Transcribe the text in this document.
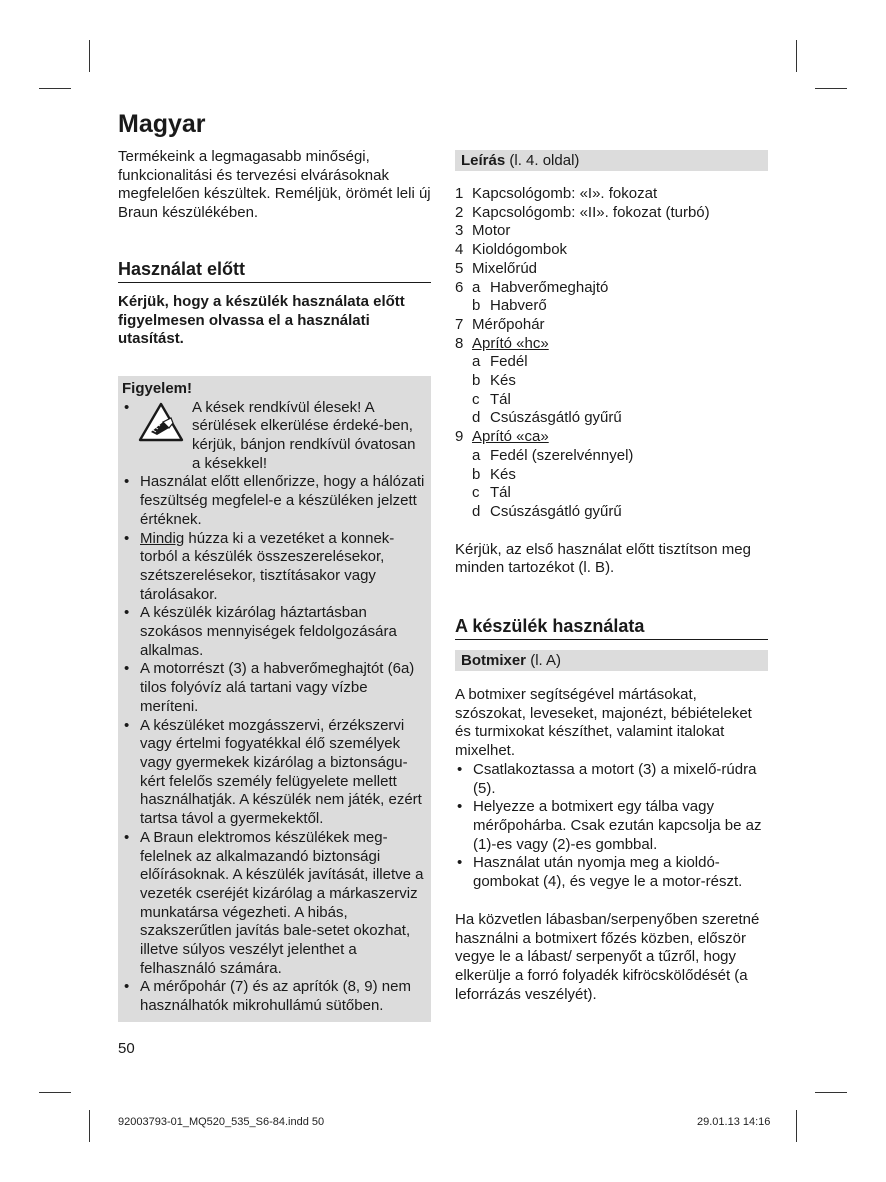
Magyar

Termékeink a legmagasabb minőségi, funkcionalitási és tervezési elvárásoknak megfelelően készültek. Reméljük, örömét leli új Braun készülékében.

Használat előtt

Kérjük, hogy a készülék használata előtt figyelmesen olvassa el a használati utasítást.

Figyelem!
•	A kések rendkívül élesek! A sérülések elkerülése érdeké-ben, kérjük, bánjon rendkívül óvatosan a késekkel!
• Használat előtt ellenőrizze, hogy a hálózati feszültség megfelel-e a készüléken jelzett értéknek.
• Mindig húzza ki a vezetéket a konnek-torból a készülék összeszerelésekor, szétszerelésekor, tisztításakor vagy tárolásakor.
• A készülék kizárólag háztartásban szokásos mennyiségek feldolgozására alkalmas.
• A motorrészt (3) a habverőmeghajtót (6a) tilos folyóvíz alá tartani vagy vízbe meríteni.
• A készüléket mozgásszervi, érzékszervi vagy értelmi fogyatékkal élő személyek vagy gyermekek kizárólag a biztonságu-kért felelős személy felügyelete mellett használhatják. A készülék nem játék, ezért tartsa távol a gyermekektől.
• A Braun elektromos készülékek meg-felelnek az alkalmazandó biztonsági előírásoknak. A készülék javítását, illetve a vezeték cseréjét kizárólag a márkaszerviz munkatársa végezheti. A hibás, szakszerűtlen javítás bale-setet okozhat, illetve súlyos veszélyt jelenthet a felhasználó számára.
• A mérőpohár (7) és az aprítók (8, 9) nem használhatók mikrohullámú sütőben.
50
Leírás (l. 4. oldal)
1 Kapcsológomb: «I». fokozat
2 Kapcsológomb: «II». fokozat (turbó)
3 Motor
4 Kioldógombok
5 Mixelőrúd
6 a Habverőmeghajtó
b Habverő
7 Mérőpohár
8 Aprító «hc»
a Fedél
b Kés
c Tál
d Csúszásgátló gyűrű
9 Aprító «ca»
a Fedél (szerelvénnyel)
b Kés
c Tál
d Csúszásgátló gyűrű

Kérjük, az első használat előtt tisztítson meg minden tartozékot (l. B).

A készülék használata
Botmixer (l. A)

A botmixer segítségével mártásokat, szószokat, leveseket, majonézt, bébiételeket és turmixokat készíthet, valamint italokat mixelhet.

• Csatlakoztassa a motort (3) a mixelő-rúdra (5).
• Helyezze a botmixert egy tálba vagy mérőpohárba. Csak ezután kapcsolja be az (1)-es vagy (2)-es gombbal.
• Használat után nyomja meg a kioldó-gombokat (4), és vegye le a motor-részt.

Ha közvetlen lábasban/serpenyőben szeretné használni a botmixert főzés közben, először vegye le a lábast/ serpenyőt a tűzről, hogy elkerülje a forró folyadék kifröcskölődését (a leforrázás veszélyét).

92003793-01_MQ520_535_S6-84.indd 50	29.01.13 14:16
